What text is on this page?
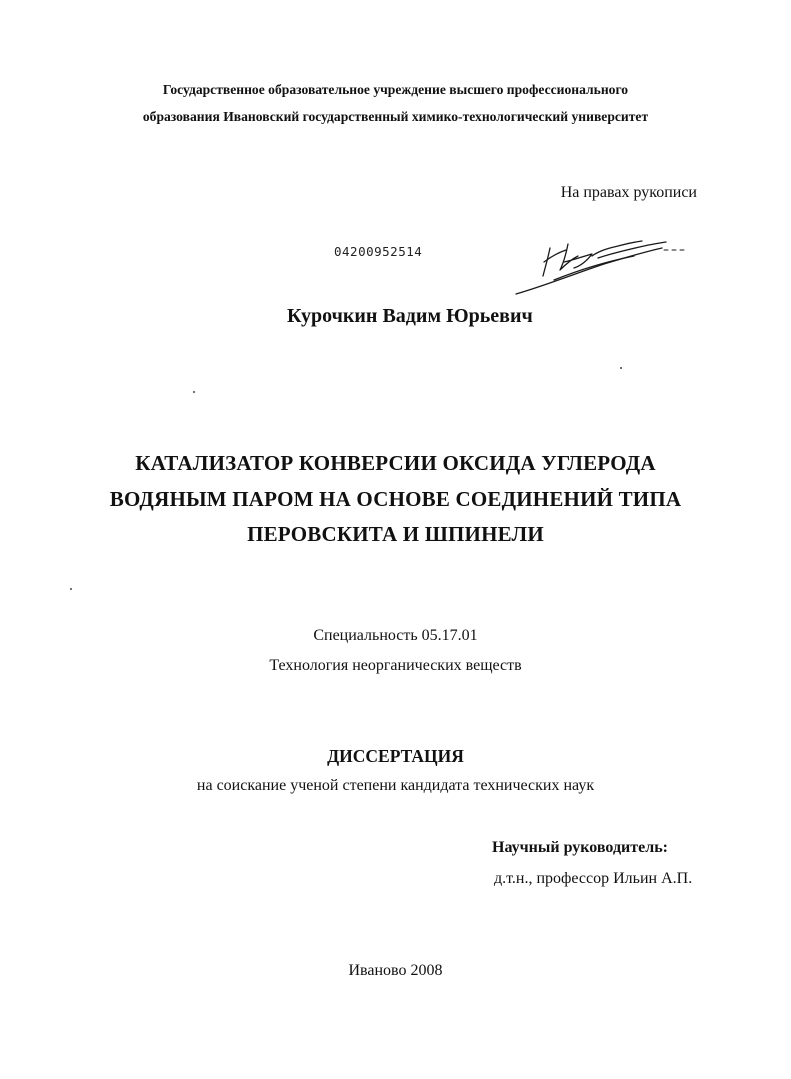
Государственное образовательное учреждение высшего профессионального
образования Ивановский государственный химико-технологический университет
На правах рукописи
04200952514
Курочкин Вадим Юрьевич
КАТАЛИЗАТОР КОНВЕРСИИ ОКСИДА УГЛЕРОДА
ВОДЯНЫМ ПАРОМ НА ОСНОВЕ СОЕДИНЕНИЙ ТИПА
ПЕРОВСКИТА И ШПИНЕЛИ
Специальность 05.17.01
Технология неорганических веществ
ДИССЕРТАЦИЯ
на соискание ученой степени кандидата технических наук
Научный руководитель:
д.т.н., профессор Ильин А.П.
Иваново 2008
